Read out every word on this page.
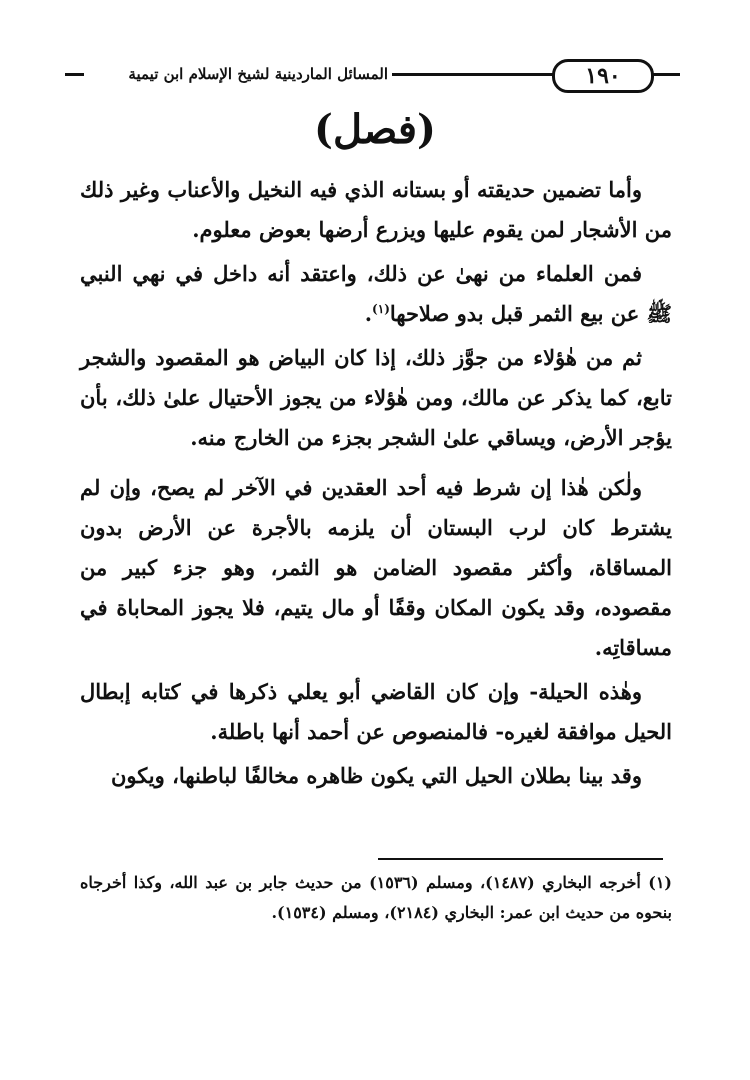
المسائل الماردينية لشيخ الإسلام ابن تيمية	١٩٠
(فصل)

وأما تضمين حديقته أو بستانه الذي فيه النخيل والأعناب وغير ذلك من الأشجار لمن يقوم عليها ويزرع أرضها بعوض معلوم.

فمن العلماء من نهىٰ عن ذلك، واعتقد أنه داخل في نهي النبي ﷺ عن بيع الثمر قبل بدو صلاحها$^{(١)}$.

ثم من هٰؤلاء من جوَّز ذلك، إذا كان البياض هو المقصود والشجر تابع، كما يذكر عن مالك، ومن هٰؤلاء من يجوز الأحتيال علىٰ ذلك، بأن يؤجر الأرض، ويساقي علىٰ الشجر بجزء من الخارج منه.

ولٰكن هٰذا إن شرط فيه أحد العقدين في الآخر لم يصح، وإن لم يشترط كان لرب البستان أن يلزمه بالأجرة عن الأرض بدون المساقاة، وأكثر مقصود الضامن هو الثمر، وهو جزء كبير من مقصوده، وقد يكون المكان وقفًا أو مال يتيم، فلا يجوز المحاباة في مساقاتِه.

وهٰذه الحيلة- وإن كان القاضي أبو يعلي ذكرها في كتابه إبطال الحيل موافقة لغيره- فالمنصوص عن أحمد أنها باطلة.

وقد بينا بطلان الحيل التي يكون ظاهره مخالفًا لباطنها، ويكون

(١) أخرجه البخاري (١٤٨٧)، ومسلم (١٥٣٦) من حديث جابر بن عبد الله، وكذا أخرجاه بنحوه من حديث ابن عمر: البخاري (٢١٨٤)، ومسلم (١٥٣٤).
